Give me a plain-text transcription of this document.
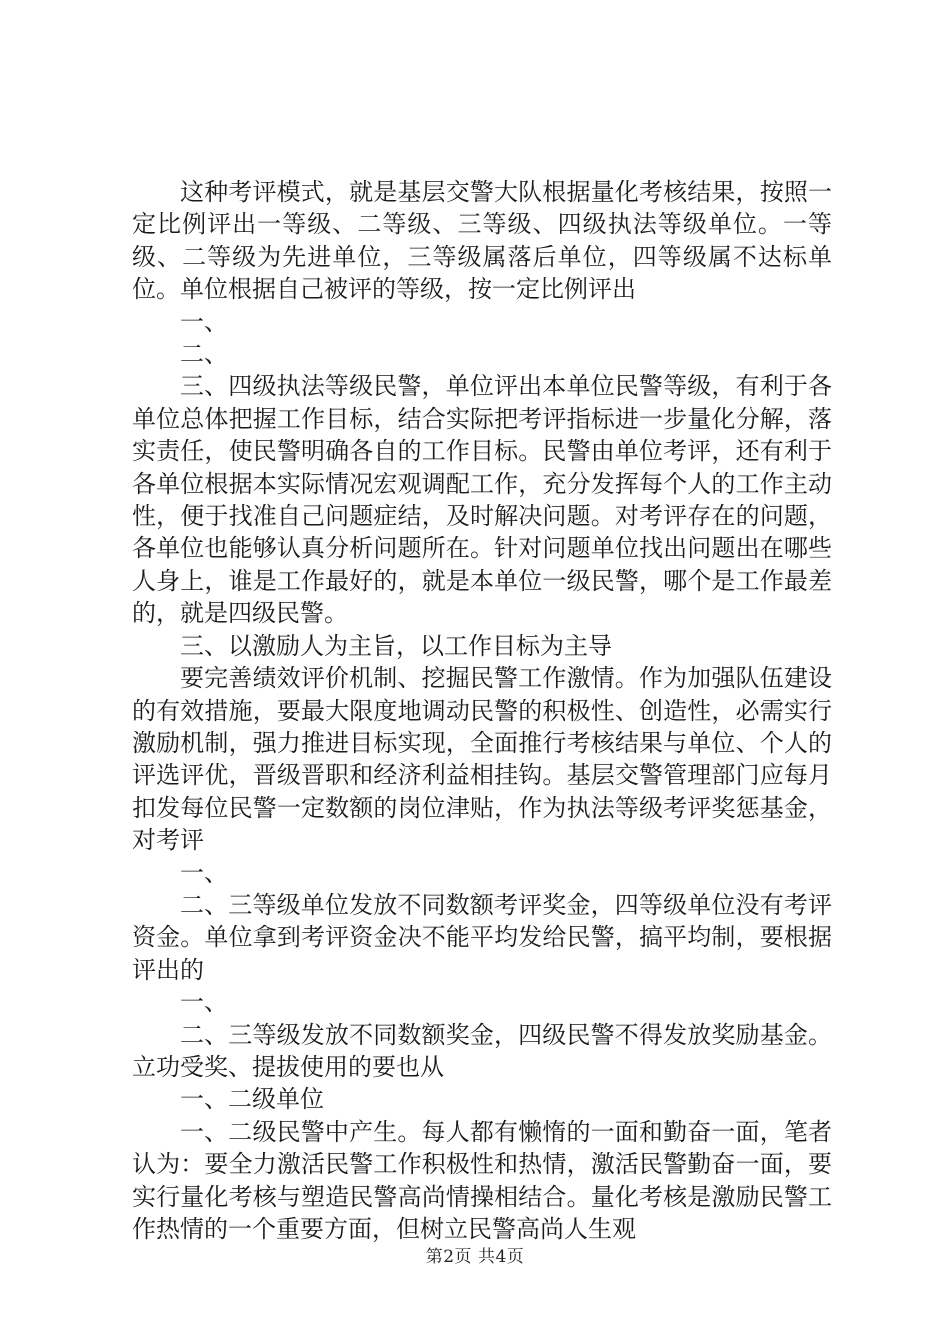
这种考评模式，就是基层交警大队根据量化考核结果，按照一定比例评出一等级、二等级、三等级、四级执法等级单位。一等级、二等级为先进单位，三等级属落后单位，四等级属不达标单位。单位根据自己被评的等级，按一定比例评出

一、

二、

三、四级执法等级民警，单位评出本单位民警等级，有利于各单位总体把握工作目标，结合实际把考评指标进一步量化分解，落实责任，使民警明确各自的工作目标。民警由单位考评，还有利于各单位根据本实际情况宏观调配工作，充分发挥每个人的工作主动性，便于找准自己问题症结，及时解决问题。对考评存在的问题，各单位也能够认真分析问题所在。针对问题单位找出问题出在哪些人身上，谁是工作最好的，就是本单位一级民警，哪个是工作最差的，就是四级民警。

三、以激励人为主旨，以工作目标为主导

要完善绩效评价机制、挖掘民警工作激情。作为加强队伍建设的有效措施，要最大限度地调动民警的积极性、创造性，必需实行激励机制，强力推进目标实现，全面推行考核结果与单位、个人的评选评优，晋级晋职和经济利益相挂钩。基层交警管理部门应每月扣发每位民警一定数额的岗位津贴，作为执法等级考评奖惩基金，对考评

一、

二、三等级单位发放不同数额考评奖金，四等级单位没有考评资金。单位拿到考评资金决不能平均发给民警，搞平均制，要根据评出的

一、

二、三等级发放不同数额奖金，四级民警不得发放奖励基金。立功受奖、提拔使用的要也从

一、二级单位

一、二级民警中产生。每人都有懒惰的一面和勤奋一面，笔者认为：要全力激活民警工作积极性和热情，激活民警勤奋一面，要实行量化考核与塑造民警高尚情操相结合。量化考核是激励民警工作热情的一个重要方面，但树立民警高尚人生观

第2页 共4页
